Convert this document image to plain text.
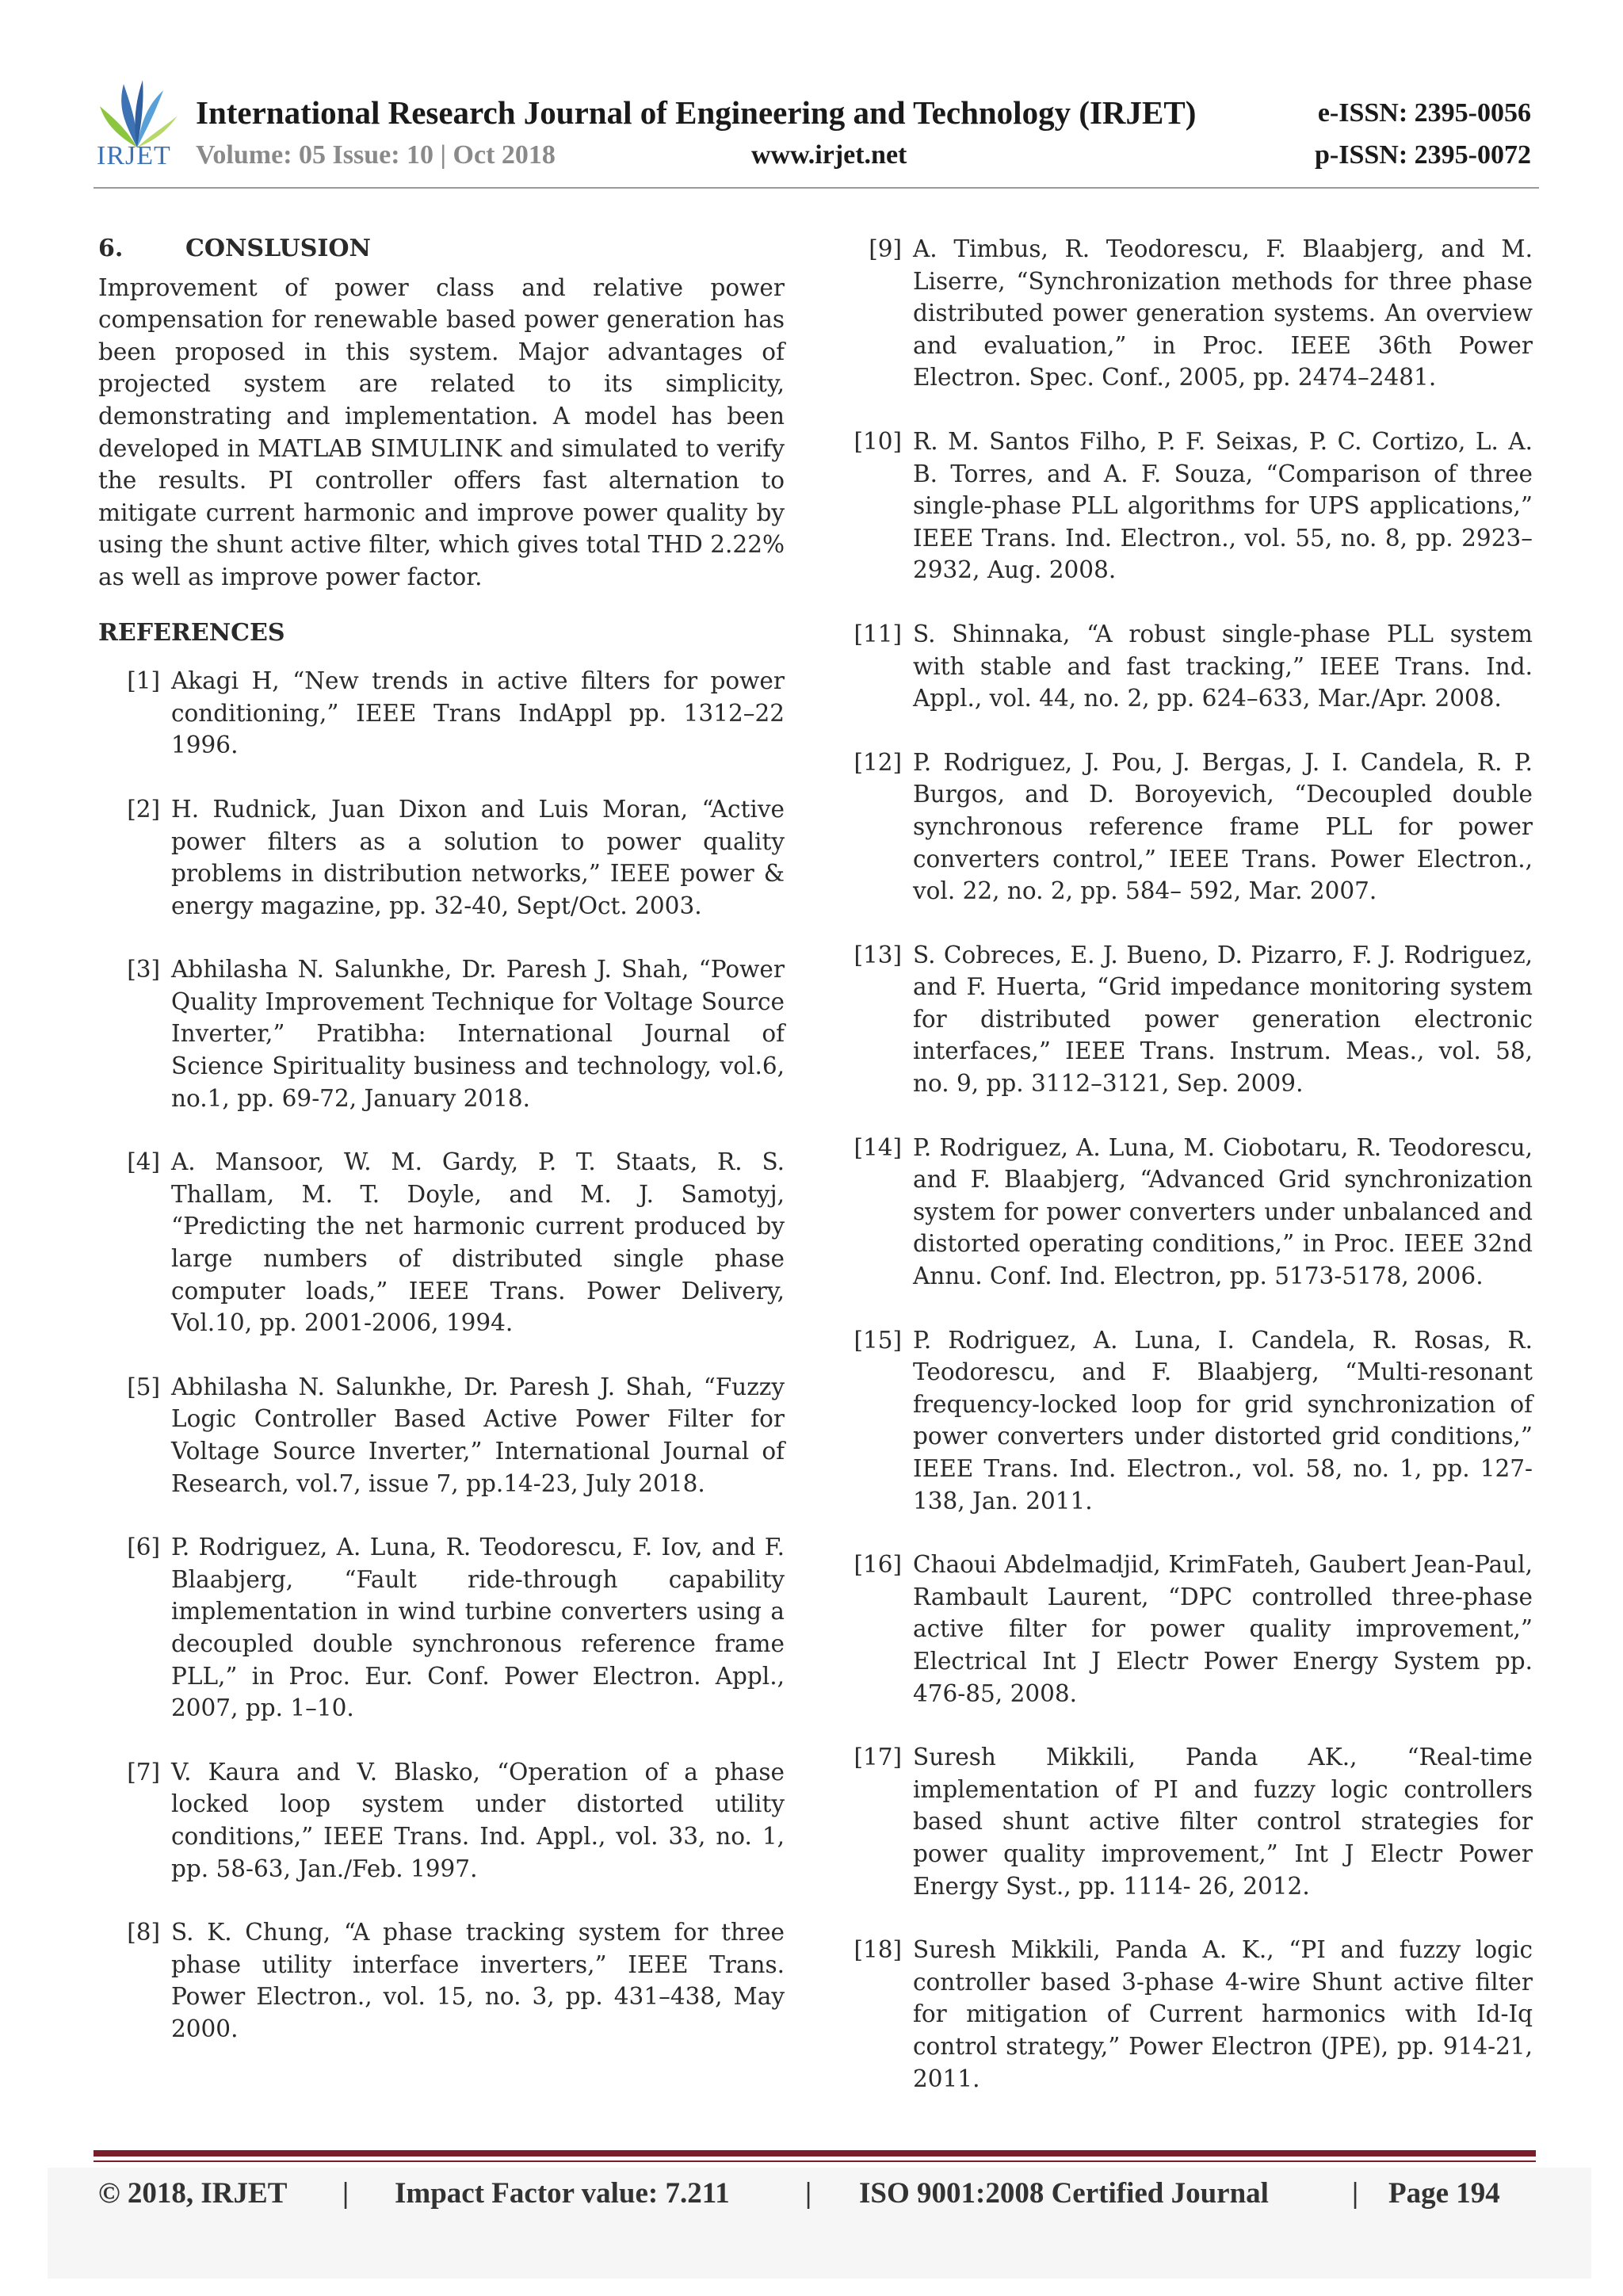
IRJET
International Research Journal of Engineering and Technology (IRJET)	e-ISSN: 2395-0056
Volume: 05 Issue: 10 | Oct 2018	www.irjet.net	p-ISSN: 2395-0072
6.	CONSLUSION

Improvement of power class and relative power compensation for renewable based power generation has been proposed in this system. Major advantages of projected system are related to its simplicity, demonstrating and implementation. A model has been developed in MATLAB SIMULINK and simulated to verify the results. PI controller offers fast alternation to mitigate current harmonic and improve power quality by using the shunt active filter, which gives total THD 2.22% as well as improve power factor.

REFERENCES
[1] Akagi H, “New trends in active filters for power conditioning,” IEEE Trans IndAppl pp. 1312–22 1996.
[2] H. Rudnick, Juan Dixon and Luis Moran, “Active power filters as a solution to power quality problems in distribution networks,” IEEE power & energy magazine, pp. 32-40, Sept/Oct. 2003.
[3] Abhilasha N. Salunkhe, Dr. Paresh J. Shah, “Power Quality Improvement Technique for Voltage Source Inverter,” Pratibha: International Journal of Science Spirituality business and technology, vol.6, no.1, pp. 69-72, January 2018.
[4] A. Mansoor, W. M. Gardy, P. T. Staats, R. S. Thallam, M. T. Doyle, and M. J. Samotyj, “Predicting the net harmonic current produced by large numbers of distributed single phase computer loads,” IEEE Trans. Power Delivery, Vol.10, pp. 2001-2006, 1994.
[5] Abhilasha N. Salunkhe, Dr. Paresh J. Shah, “Fuzzy Logic Controller Based Active Power Filter for Voltage Source Inverter,” International Journal of Research, vol.7, issue 7, pp.14-23, July 2018.
[6] P. Rodriguez, A. Luna, R. Teodorescu, F. Iov, and F. Blaabjerg, “Fault ride-through capability implementation in wind turbine converters using a decoupled double synchronous reference frame PLL,” in Proc. Eur. Conf. Power Electron. Appl., 2007, pp. 1–10.
[7] V. Kaura and V. Blasko, “Operation of a phase locked loop system under distorted utility conditions,” IEEE Trans. Ind. Appl., vol. 33, no. 1, pp. 58-63, Jan./Feb. 1997.
[8] S. K. Chung, “A phase tracking system for three phase utility interface inverters,” IEEE Trans. Power Electron., vol. 15, no. 3, pp. 431–438, May 2000.
[9] A. Timbus, R. Teodorescu, F. Blaabjerg, and M. Liserre, “Synchronization methods for three phase distributed power generation systems. An overview and evaluation,” in Proc. IEEE 36th Power Electron. Spec. Conf., 2005, pp. 2474–2481.
[10] R. M. Santos Filho, P. F. Seixas, P. C. Cortizo, L. A. B. Torres, and A. F. Souza, “Comparison of three single-phase PLL algorithms for UPS applications,” IEEE Trans. Ind. Electron., vol. 55, no. 8, pp. 2923–2932, Aug. 2008.
[11] S. Shinnaka, “A robust single-phase PLL system with stable and fast tracking,” IEEE Trans. Ind. Appl., vol. 44, no. 2, pp. 624–633, Mar./Apr. 2008.
[12] P. Rodriguez, J. Pou, J. Bergas, J. I. Candela, R. P. Burgos, and D. Boroyevich, “Decoupled double synchronous reference frame PLL for power converters control,” IEEE Trans. Power Electron., vol. 22, no. 2, pp. 584– 592, Mar. 2007.
[13] S. Cobreces, E. J. Bueno, D. Pizarro, F. J. Rodriguez, and F. Huerta, “Grid impedance monitoring system for distributed power generation electronic interfaces,” IEEE Trans. Instrum. Meas., vol. 58, no. 9, pp. 3112–3121, Sep. 2009.
[14] P. Rodriguez, A. Luna, M. Ciobotaru, R. Teodorescu, and F. Blaabjerg, “Advanced Grid synchronization system for power converters under unbalanced and distorted operating conditions,” in Proc. IEEE 32nd Annu. Conf. Ind. Electron, pp. 5173-5178, 2006.
[15] P. Rodriguez, A. Luna, I. Candela, R. Rosas, R. Teodorescu, and F. Blaabjerg, “Multi-resonant frequency-locked loop for grid synchronization of power converters under distorted grid conditions,” IEEE Trans. Ind. Electron., vol. 58, no. 1, pp. 127-138, Jan. 2011.
[16] Chaoui Abdelmadjid, KrimFateh, Gaubert Jean-Paul, Rambault Laurent, “DPC controlled three-phase active filter for power quality improvement,” Electrical Int J Electr Power Energy System pp. 476-85, 2008.
[17] Suresh Mikkili, Panda AK., “Real-time implementation of PI and fuzzy logic controllers based shunt active filter control strategies for power quality improvement,” Int J Electr Power Energy Syst., pp. 1114- 26, 2012.
[18] Suresh Mikkili, Panda A. K., “PI and fuzzy logic controller based 3-phase 4-wire Shunt active filter for mitigation of Current harmonics with Id-Iq control strategy,” Power Electron (JPE), pp. 914-21, 2011.
© 2018, IRJET | Impact Factor value: 7.211	| ISO 9001:2008 Certified Journal	| Page 194
